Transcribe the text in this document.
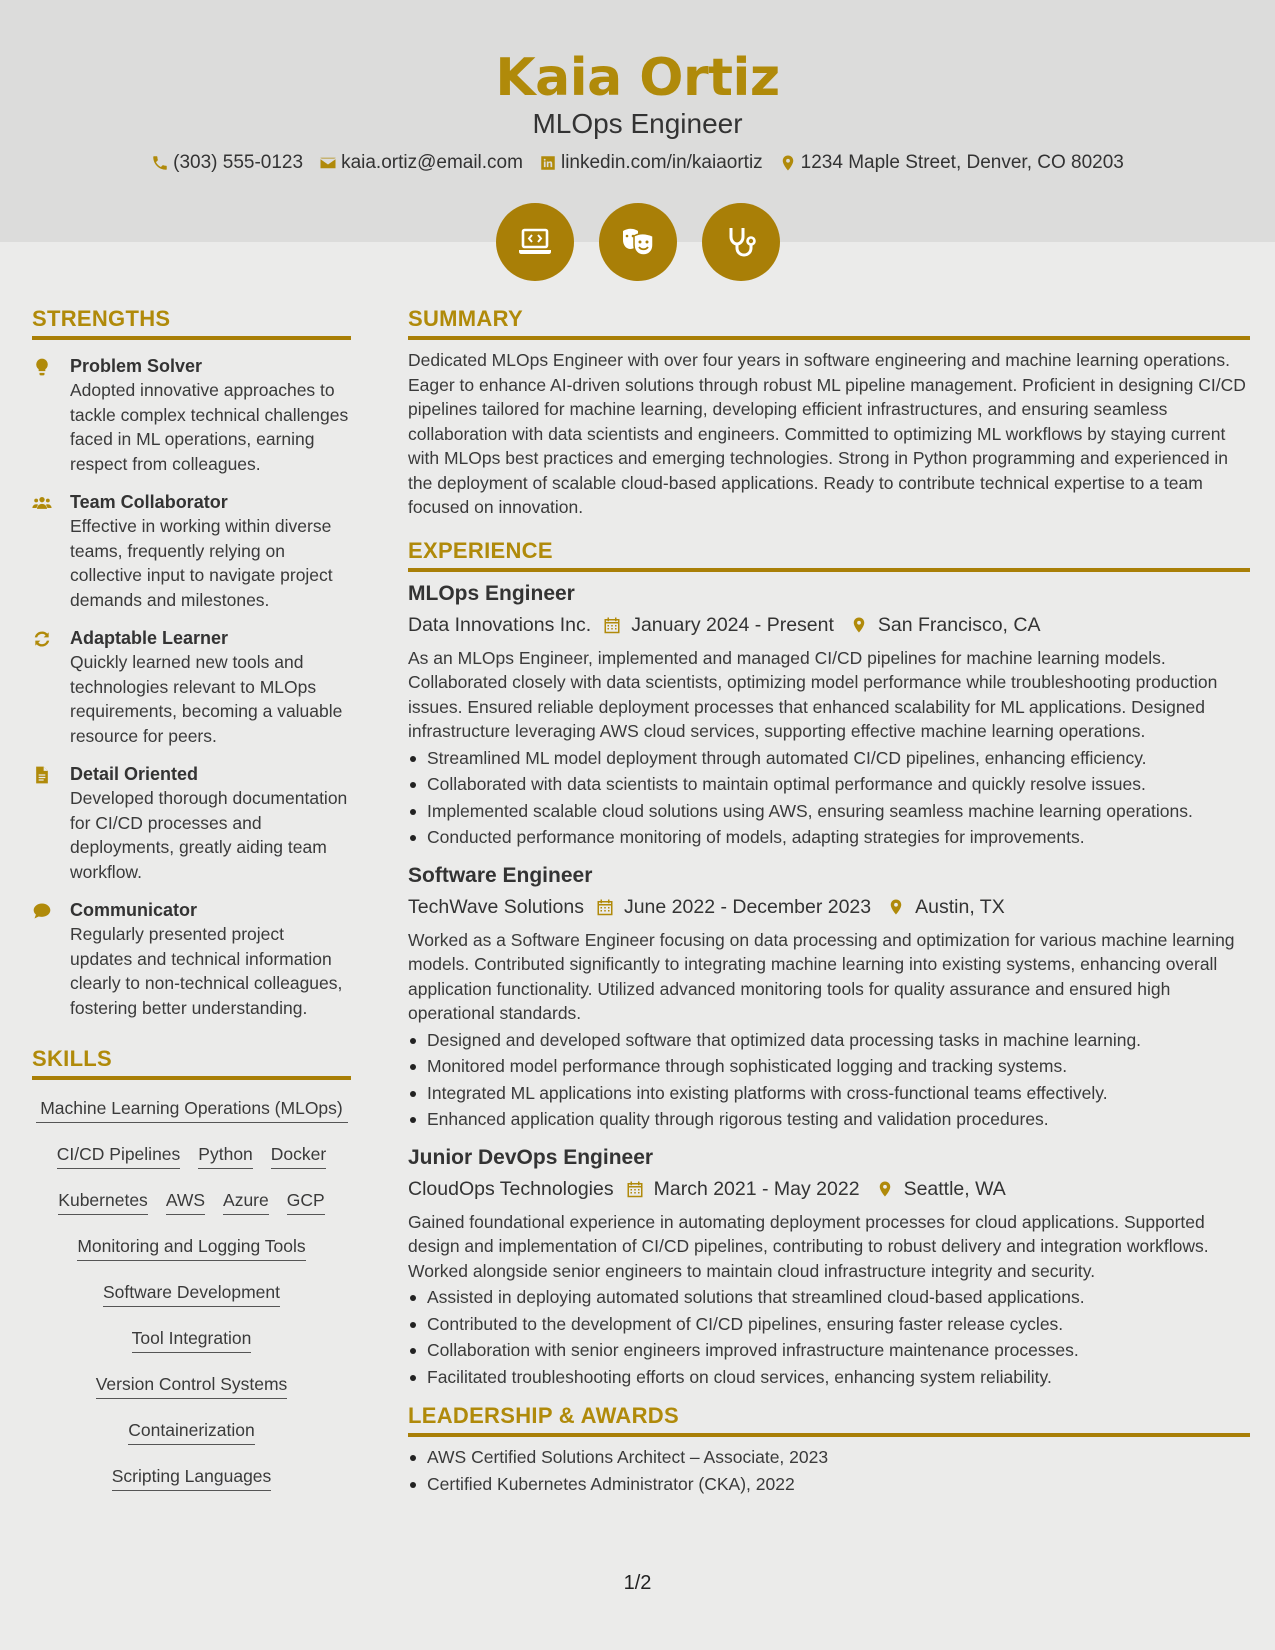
Kaia Ortiz
MLOps Engineer
(303) 555-0123 kaia.ortiz@email.com linkedin.com/in/kaiaortiz 1234 Maple Street, Denver, CO 80203
STRENGTHS
Problem Solver
Adopted innovative approaches to tackle complex technical challenges faced in ML operations, earning respect from colleagues.
Team Collaborator
Effective in working within diverse teams, frequently relying on collective input to navigate project demands and milestones.
Adaptable Learner
Quickly learned new tools and technologies relevant to MLOps requirements, becoming a valuable resource for peers.
Detail Oriented
Developed thorough documentation for CI/CD processes and deployments, greatly aiding team workflow.
Communicator
Regularly presented project updates and technical information clearly to non-technical colleagues, fostering better understanding.
SKILLS
Machine Learning Operations (MLOps)
CI/CD Pipelines Python Docker
Kubernetes AWS Azure GCP
Monitoring and Logging Tools
Software Development
Tool Integration
Version Control Systems
Containerization
Scripting Languages
SUMMARY
Dedicated MLOps Engineer with over four years in software engineering and machine learning operations. Eager to enhance AI-driven solutions through robust ML pipeline management. Proficient in designing CI/CD pipelines tailored for machine learning, developing efficient infrastructures, and ensuring seamless collaboration with data scientists and engineers. Committed to optimizing ML workflows by staying current with MLOps best practices and emerging technologies. Strong in Python programming and experienced in the deployment of scalable cloud-based applications. Ready to contribute technical expertise to a team focused on innovation.
EXPERIENCE
MLOps Engineer
Data Innovations Inc. January 2024 - Present San Francisco, CA
As an MLOps Engineer, implemented and managed CI/CD pipelines for machine learning models. Collaborated closely with data scientists, optimizing model performance while troubleshooting production issues. Ensured reliable deployment processes that enhanced scalability for ML applications. Designed infrastructure leveraging AWS cloud services, supporting effective machine learning operations.
Streamlined ML model deployment through automated CI/CD pipelines, enhancing efficiency.
Collaborated with data scientists to maintain optimal performance and quickly resolve issues.
Implemented scalable cloud solutions using AWS, ensuring seamless machine learning operations.
Conducted performance monitoring of models, adapting strategies for improvements.
Software Engineer
TechWave Solutions June 2022 - December 2023 Austin, TX
Worked as a Software Engineer focusing on data processing and optimization for various machine learning models. Contributed significantly to integrating machine learning into existing systems, enhancing overall application functionality. Utilized advanced monitoring tools for quality assurance and ensured high operational standards.
Designed and developed software that optimized data processing tasks in machine learning.
Monitored model performance through sophisticated logging and tracking systems.
Integrated ML applications into existing platforms with cross-functional teams effectively.
Enhanced application quality through rigorous testing and validation procedures.
Junior DevOps Engineer
CloudOps Technologies March 2021 - May 2022 Seattle, WA
Gained foundational experience in automating deployment processes for cloud applications. Supported design and implementation of CI/CD pipelines, contributing to robust delivery and integration workflows. Worked alongside senior engineers to maintain cloud infrastructure integrity and security.
Assisted in deploying automated solutions that streamlined cloud-based applications.
Contributed to the development of CI/CD pipelines, ensuring faster release cycles.
Collaboration with senior engineers improved infrastructure maintenance processes.
Facilitated troubleshooting efforts on cloud services, enhancing system reliability.
LEADERSHIP & AWARDS
AWS Certified Solutions Architect – Associate, 2023
Certified Kubernetes Administrator (CKA), 2022
1/2
